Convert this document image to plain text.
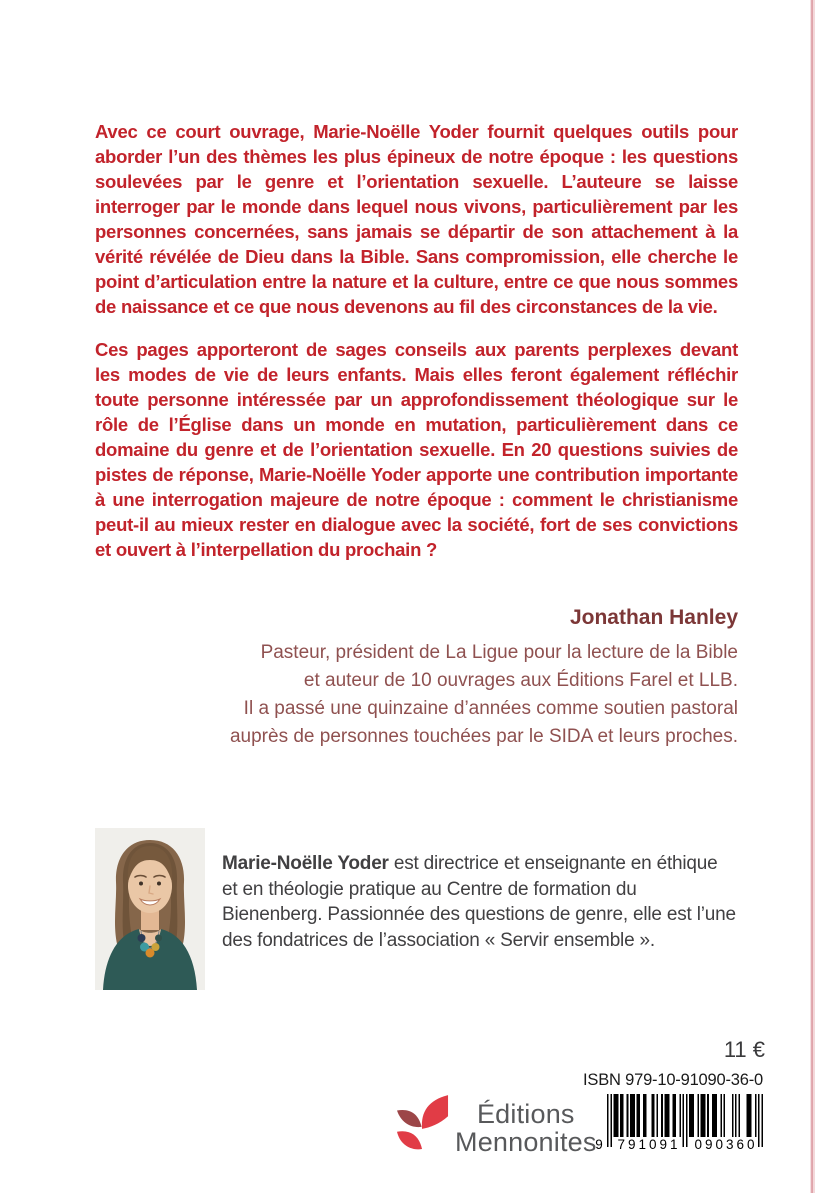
Avec ce court ouvrage, Marie-Noëlle Yoder fournit quelques outils pour aborder l’un des thèmes les plus épineux de notre époque : les questions soulevées par le genre et l’orientation sexuelle. L’auteure se laisse interroger par le monde dans lequel nous vivons, particulièrement par les personnes concernées, sans jamais se départir de son attachement à la vérité révélée de Dieu dans la Bible. Sans compromission, elle cherche le point d’articulation entre la nature et la culture, entre ce que nous sommes de naissance et ce que nous devenons au fil des circonstances de la vie.

Ces pages apporteront de sages conseils aux parents perplexes devant les modes de vie de leurs enfants. Mais elles feront également réfléchir toute personne intéressée par un approfondissement théologique sur le rôle de l’Église dans un monde en mutation, particulièrement dans ce domaine du genre et de l’orientation sexuelle. En 20 questions suivies de pistes de réponse, Marie-Noëlle Yoder apporte une contribution importante à une interrogation majeure de notre époque : comment le christianisme peut-il au mieux rester en dialogue avec la société, fort de ses convictions et ouvert à l’interpellation du prochain ?

Jonathan Hanley
Pasteur, président de La Ligue pour la lecture de la Bible
et auteur de 10 ouvrages aux Éditions Farel et LLB.
Il a passé une quinzaine d’années comme soutien pastoral
auprès de personnes touchées par le SIDA et leurs proches.

Marie-Noëlle Yoder est directrice et enseignante en éthique et en théologie pratique au Centre de formation du Bienenberg. Passionnée des questions de genre, elle est l’une des fondatrices de l’association « Servir ensemble ».

11 €
ISBN 979-10-91090-36-0
9 791091 090360
Éditions
Mennonites
